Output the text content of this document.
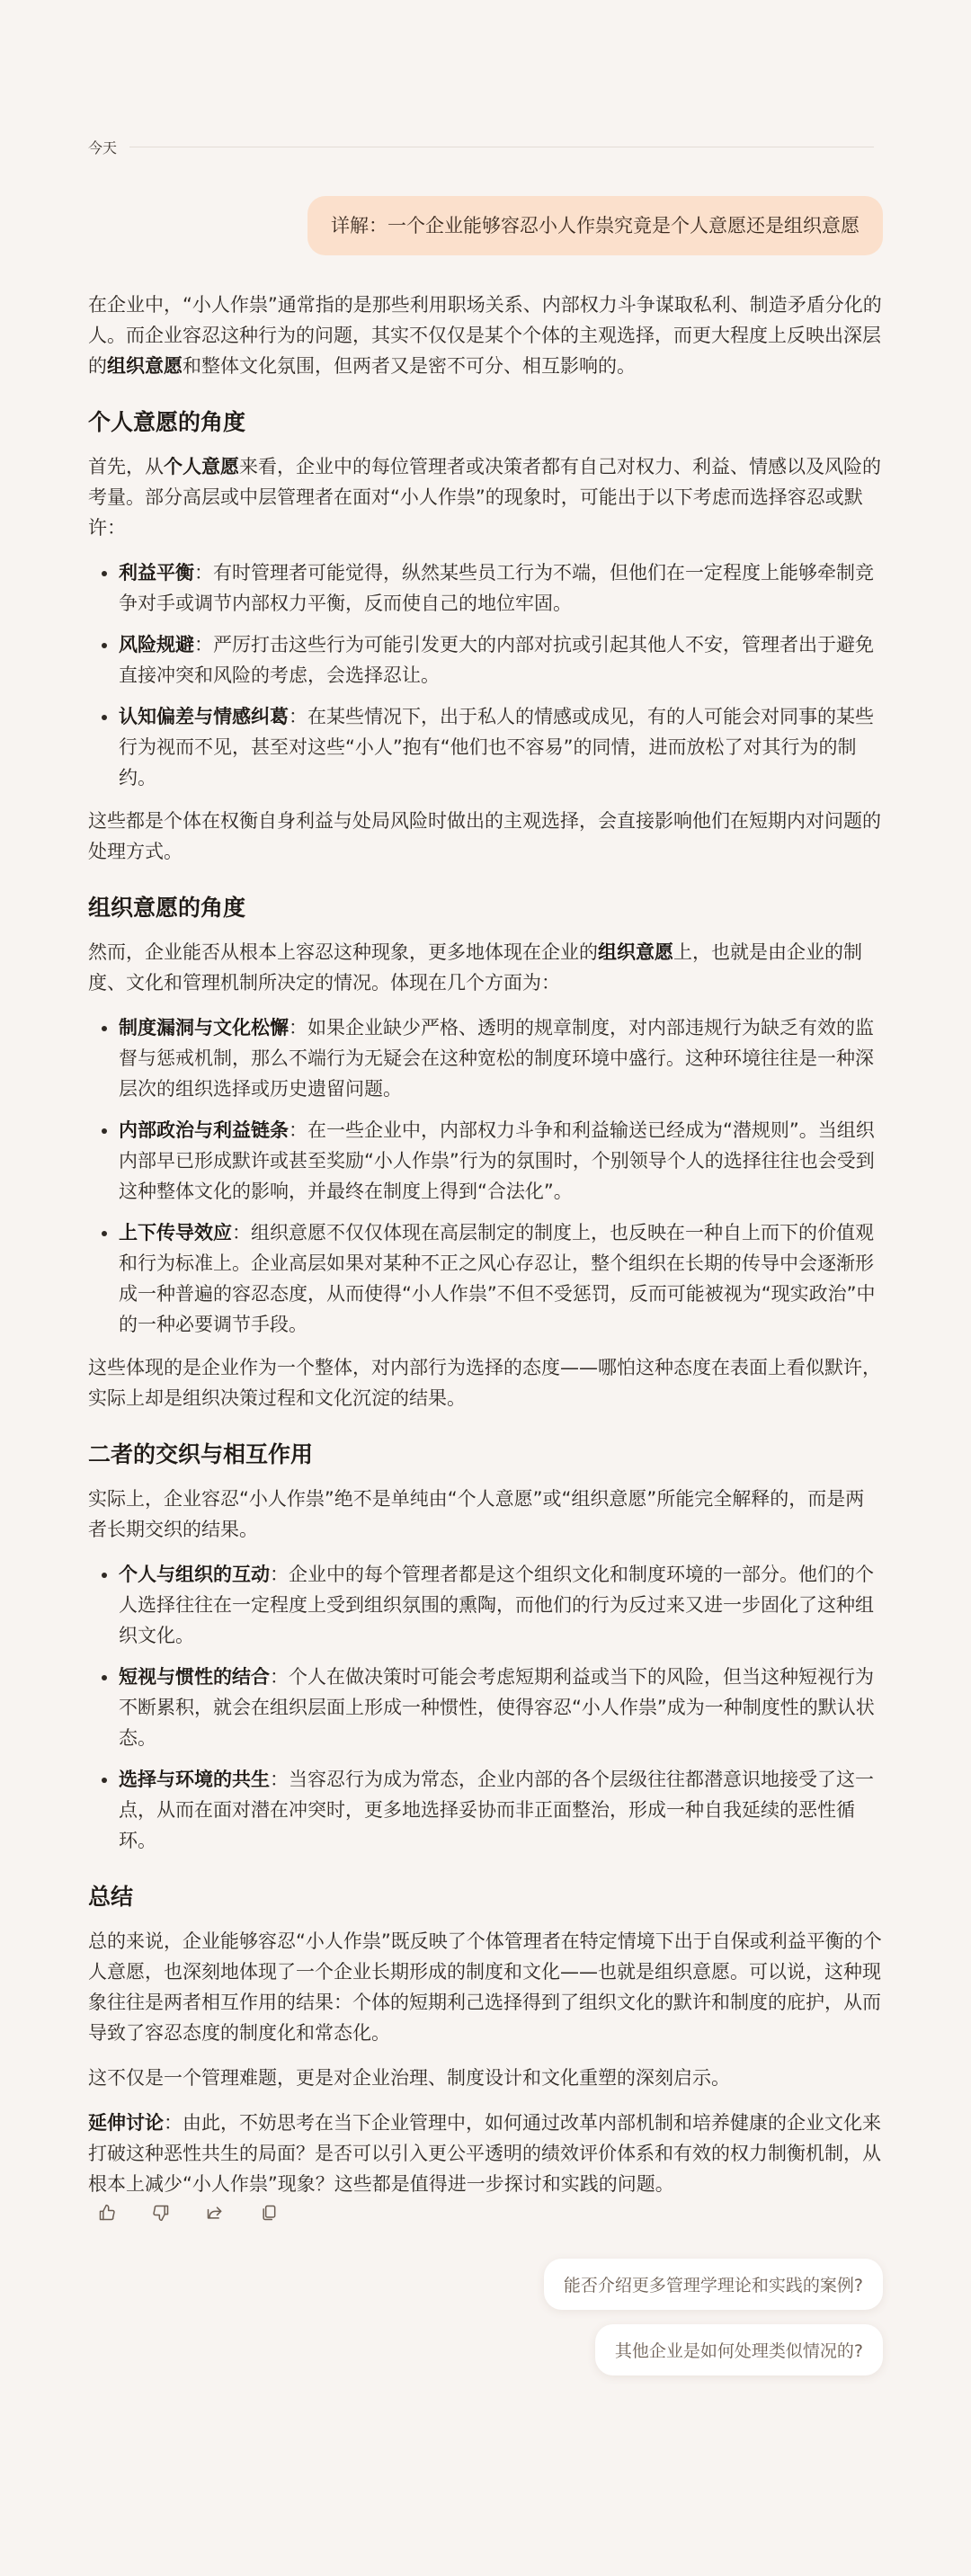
今天
详解：一个企业能够容忍小人作祟究竟是个人意愿还是组织意愿

在企业中，“小人作祟”通常指的是那些利用职场关系、内部权力斗争谋取私利、制造矛盾分化的人。而企业容忍这种行为的问题，其实不仅仅是某个个体的主观选择，而更大程度上反映出深层的组织意愿和整体文化氛围，但两者又是密不可分、相互影响的。

个人意愿的角度

首先，从个人意愿来看，企业中的每位管理者或决策者都有自己对权力、利益、情感以及风险的考量。部分高层或中层管理者在面对“小人作祟”的现象时，可能出于以下考虑而选择容忍或默许：

• 利益平衡：有时管理者可能觉得，纵然某些员工行为不端，但他们在一定程度上能够牵制竞争对手或调节内部权力平衡，反而使自己的地位牢固。
• 风险规避：严厉打击这些行为可能引发更大的内部对抗或引起其他人不安，管理者出于避免直接冲突和风险的考虑，会选择忍让。
• 认知偏差与情感纠葛：在某些情况下，出于私人的情感或成见，有的人可能会对同事的某些行为视而不见，甚至对这些“小人”抱有“他们也不容易”的同情，进而放松了对其行为的制约。

这些都是个体在权衡自身利益与处局风险时做出的主观选择，会直接影响他们在短期内对问题的处理方式。

组织意愿的角度

然而，企业能否从根本上容忍这种现象，更多地体现在企业的组织意愿上，也就是由企业的制度、文化和管理机制所决定的情况。体现在几个方面为：

• 制度漏洞与文化松懈：如果企业缺少严格、透明的规章制度，对内部违规行为缺乏有效的监督与惩戒机制，那么不端行为无疑会在这种宽松的制度环境中盛行。这种环境往往是一种深层次的组织选择或历史遗留问题。
• 内部政治与利益链条：在一些企业中，内部权力斗争和利益输送已经成为“潜规则”。当组织内部早已形成默许或甚至奖励“小人作祟”行为的氛围时，个别领导个人的选择往往也会受到这种整体文化的影响，并最终在制度上得到“合法化”。
• 上下传导效应：组织意愿不仅仅体现在高层制定的制度上，也反映在一种自上而下的价值观和行为标准上。企业高层如果对某种不正之风心存忍让，整个组织在长期的传导中会逐渐形成一种普遍的容忍态度，从而使得“小人作祟”不但不受惩罚，反而可能被视为“现实政治”中的一种必要调节手段。

这些体现的是企业作为一个整体，对内部行为选择的态度——哪怕这种态度在表面上看似默许，实际上却是组织决策过程和文化沉淀的结果。

二者的交织与相互作用

实际上，企业容忍“小人作祟”绝不是单纯由“个人意愿”或“组织意愿”所能完全解释的，而是两者长期交织的结果。

• 个人与组织的互动：企业中的每个管理者都是这个组织文化和制度环境的一部分。他们的个人选择往往在一定程度上受到组织氛围的熏陶，而他们的行为反过来又进一步固化了这种组织文化。
• 短视与惯性的结合：个人在做决策时可能会考虑短期利益或当下的风险，但当这种短视行为不断累积，就会在组织层面上形成一种惯性，使得容忍“小人作祟”成为一种制度性的默认状态。
• 选择与环境的共生：当容忍行为成为常态，企业内部的各个层级往往都潜意识地接受了这一点，从而在面对潜在冲突时，更多地选择妥协而非正面整治，形成一种自我延续的恶性循环。
总结

总的来说，企业能够容忍“小人作祟”既反映了个体管理者在特定情境下出于自保或利益平衡的个人意愿，也深刻地体现了一个企业长期形成的制度和文化——也就是组织意愿。可以说，这种现象往往是两者相互作用的结果：个体的短期利己选择得到了组织文化的默许和制度的庇护，从而导致了容忍态度的制度化和常态化。

这不仅是一个管理难题，更是对企业治理、制度设计和文化重塑的深刻启示。

延伸讨论：由此，不妨思考在当下企业管理中，如何通过改革内部机制和培养健康的企业文化来打破这种恶性共生的局面？是否可以引入更公平透明的绩效评价体系和有效的权力制衡机制，从根本上减少“小人作祟”现象？这些都是值得进一步探讨和实践的问题。

能否介绍更多管理学理论和实践的案例?
其他企业是如何处理类似情况的?
